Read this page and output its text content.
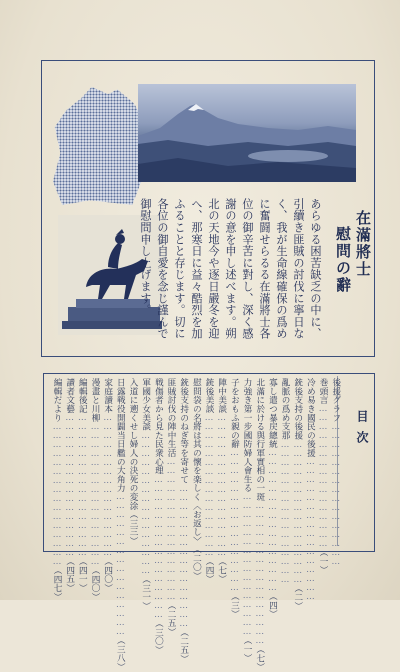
在滿將士
慰問の辭
あらゆる困苦缺乏の中に、引續き匪賊の討伐に寧日なく、我が生命線確保の爲めに奮闘せらるる在滿將士各位の御辛苦に對し、深く感謝の意を申し述べます。朔北の天地今や逐日嚴冬を迎へ、那寒日に益々酷烈を加ふることと存じます。切に各位の御自愛を念じ謹んで御慰問申し上げます。
目次
後援グラフ
…………………………………………
巻頭言
…………………………………………
（一）
冷め易き國民の後援
…………………………………………
銃後支持の後援
…………………………………………
（二）
亂脈の爲め支那
…………………………………………
寡し遣つ暴戻總統
…………………………………………
（四）
北滿に於ける與行軍實相の一斑
…………………………………………
（七）
力強き第一步國防婦人會生る
…………………………………………
（一）
子をおもふ親の辭
…………………………………………
（三）
陣中美談
…………………………………………
（七）
銃後美談
…………………………………………
（四）
慰問袋の名將は其の懷を楽しく〈お返し〉
（二〇）
銃後支持のねぎ等を寄せて
…………………………………………
（二五）
匪賊討伐の陣中生活
…………………………………………
（二五）
戦傷者から見た民衆心理
…………………………………………
（三〇）
軍國少女美談
…………………………………………
（三一）
入道に遡くせし婦人の決死の変涂
（三三）
日露戦役開闢当日艦の大角力
…………………………………………
（三八）
家庭讀本
…………………………………………
（四〇）
漫畫と川柳
…………………………………………
（四〇）
編輯後記
…………………………………………
（四一）
讀者文藝
…………………………………………
（四五）
編輯だより
…………………………………………
（四七）
